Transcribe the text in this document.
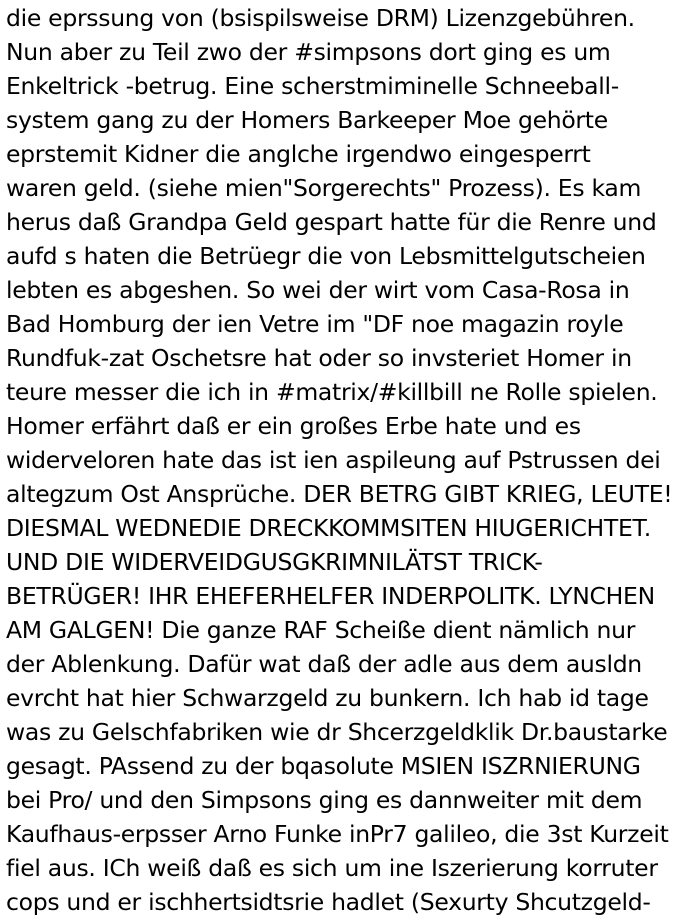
die eprssung von (bsispilsweise DRM) Lizenzgebühren.
Nun aber zu Teil zwo der #simpsons dort ging es um
Enkeltrick -betrug. Eine scherstmiminelle Schneeball-
system gang zu der Homers Barkeeper Moe gehörte
eprstemit Kidner die anglche irgendwo eingesperrt
waren geld. (siehe mien"Sorgerechts" Prozess). Es kam
herus daß Grandpa Geld gespart hatte für die Renre und
aufd s haten die Betrüegr die von Lebsmittelgutscheien
lebten es abgeshen. So wei der wirt vom Casa-Rosa in
Bad Homburg der ien Vetre im "DF noe magazin royle
Rundfuk-zat Oschetsre hat oder so invsteriet Homer in
teure messer die ich in #matrix/#killbill ne Rolle spielen.
Homer erfährt daß er ein großes Erbe hate und es
widerveloren hate das ist ien aspileung auf Pstrussen dei
altegzum Ost Ansprüche. DER BETRG GIBT KRIEG, LEUTE!
DIESMAL WEDNEDIE DRECKKOMMSITEN HIUGERICHTET.
UND DIE WIDERVEIDGUSGKRIMNILÄTST TRICK-
BETRÜGER! IHR EHEFERHELFER INDERPOLITK. LYNCHEN
AM GALGEN! Die ganze RAF Scheiße dient nämlich nur
der Ablenkung. Dafür wat daß der adle aus dem ausldn
evrcht hat hier Schwarzgeld zu bunkern. Ich hab id tage
was zu Gelschfabriken wie dr Shcerzgeldklik Dr.baustarke
gesagt. PAssend zu der bqasolute MSIEN ISZRNIERUNG
bei Pro/ und den Simpsons ging es dannweiter mit dem
Kaufhaus-erpsser Arno Funke inPr7 galileo, die 3st Kurzeit
fiel aus. ICh weiß daß es sich um ine Iszerierung korruter
cops und er ischhertsidtsrie hadlet (Sexurty Shcutzgeld-
